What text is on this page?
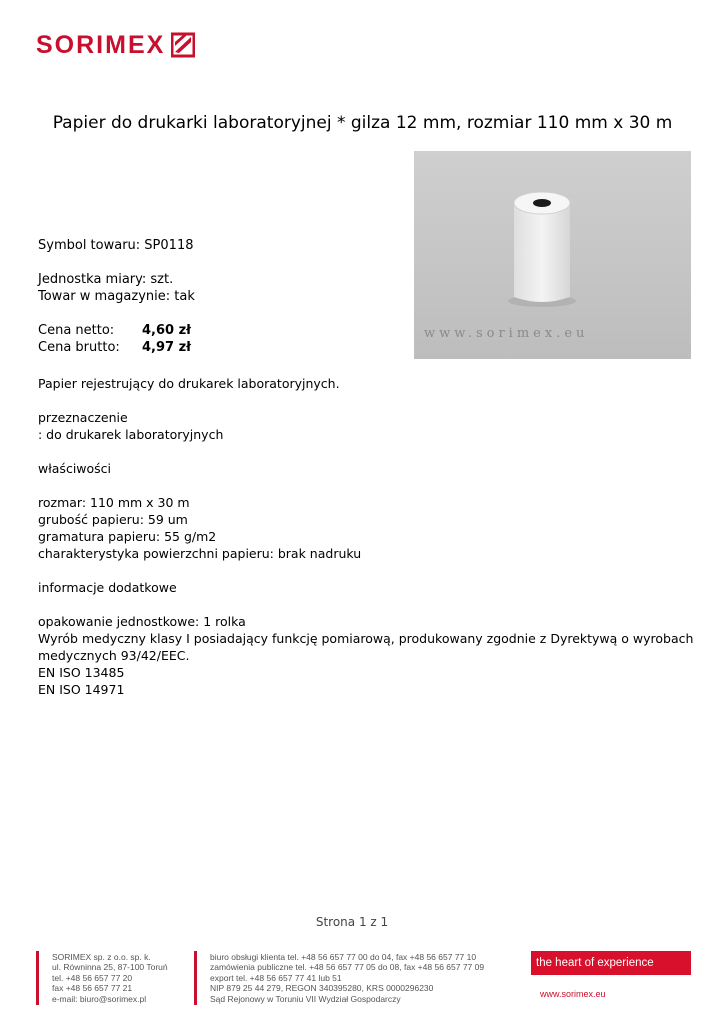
SORIMEX
Papier do drukarki laboratoryjnej * gilza 12 mm, rozmiar 110 mm x 30 m
www.sorimex.eu
Symbol towaru: SP0118
Jednostka miary: szt.
Towar w magazynie: tak
Cena netto:	4,60 zł
Cena brutto:	4,97 zł
Papier rejestrujący do drukarek laboratoryjnych.
przeznaczenie
: do drukarek laboratoryjnych
właściwości
rozmar: 110 mm x 30 m
grubość papieru: 59 um
gramatura papieru: 55 g/m2
charakterystyka powierzchni papieru: brak nadruku
informacje dodatkowe
opakowanie jednostkowe: 1 rolka
Wyrób medyczny klasy I posiadający funkcję pomiarową, produkowany zgodnie z Dyrektywą o wyrobach medycznych 93/42/EEC.
EN ISO 13485
EN ISO 14971
Strona 1 z 1
SORIMEX sp. z o.o. sp. k.
ul. Równinna 25, 87-100 Toruń
tel. +48 56 657 77 20
fax +48 56 657 77 21
e-mail: biuro@sorimex.pl
biuro obsługi klienta tel. +48 56 657 77 00 do 04, fax +48 56 657 77 10
zamówienia publiczne tel. +48 56 657 77 05 do 08, fax +48 56 657 77 09
export tel. +48 56 657 77 41 lub 51
NIP 879 25 44 279, REGON 340395280, KRS 0000296230
Sąd Rejonowy w Toruniu VII Wydział Gospodarczy
the heart of experience
www.sorimex.eu
